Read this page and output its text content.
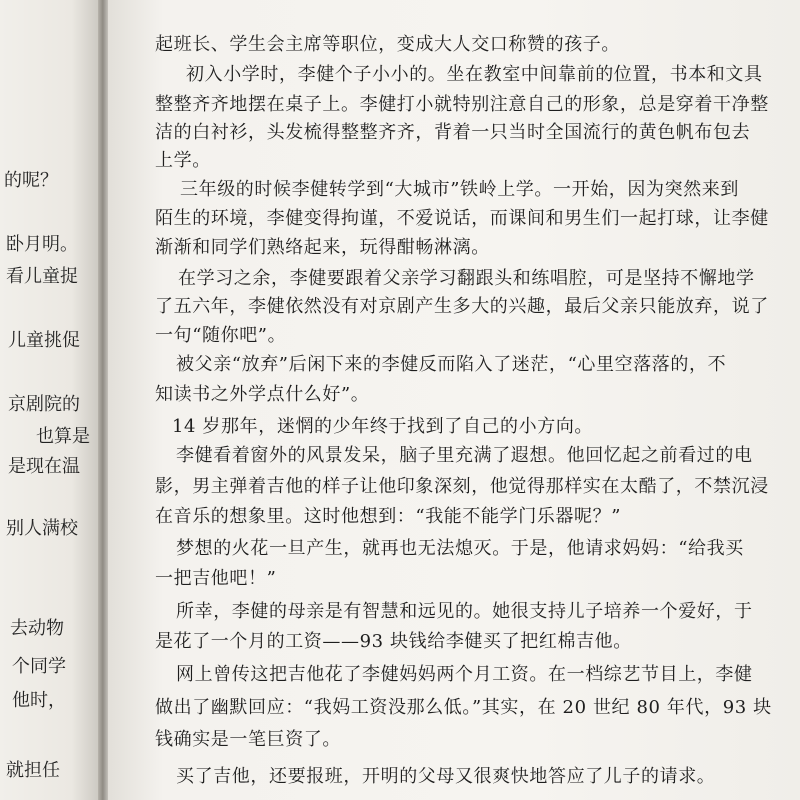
的呢？
卧月明。
看儿童捉
儿童挑促
京剧院的
也算是
是现在温
别人满校
去动物
个同学
他时，
就担任
起班长、学生会主席等职位，变成大人交口称赞的孩子。
初入小学时，李健个子小小的。坐在教室中间靠前的位置，书本和文具
整整齐齐地摆在桌子上。李健打小就特别注意自己的形象，总是穿着干净整
洁的白衬衫，头发梳得整整齐齐，背着一只当时全国流行的黄色帆布包去
上学。
三年级的时候李健转学到“大城市”铁岭上学。一开始，因为突然来到
陌生的环境，李健变得拘谨，不爱说话，而课间和男生们一起打球，让李健
渐渐和同学们熟络起来，玩得酣畅淋漓。
在学习之余，李健要跟着父亲学习翻跟头和练唱腔，可是坚持不懈地学
了五六年，李健依然没有对京剧产生多大的兴趣，最后父亲只能放弃，说了
一句“随你吧”。
被父亲“放弃”后闲下来的李健反而陷入了迷茫，“心里空落落的，不
知读书之外学点什么好”。
14 岁那年，迷惘的少年终于找到了自己的小方向。
李健看着窗外的风景发呆，脑子里充满了遐想。他回忆起之前看过的电
影，男主弹着吉他的样子让他印象深刻，他觉得那样实在太酷了，不禁沉浸
在音乐的想象里。这时他想到：“我能不能学门乐器呢？”
梦想的火花一旦产生，就再也无法熄灭。于是，他请求妈妈：“给我买
一把吉他吧！”
所幸，李健的母亲是有智慧和远见的。她很支持儿子培养一个爱好，于
是花了一个月的工资——93 块钱给李健买了把红棉吉他。
网上曾传这把吉他花了李健妈妈两个月工资。在一档综艺节目上，李健
做出了幽默回应：“我妈工资没那么低。”其实，在 20 世纪 80 年代，93 块
钱确实是一笔巨资了。
买了吉他，还要报班，开明的父母又很爽快地答应了儿子的请求。
